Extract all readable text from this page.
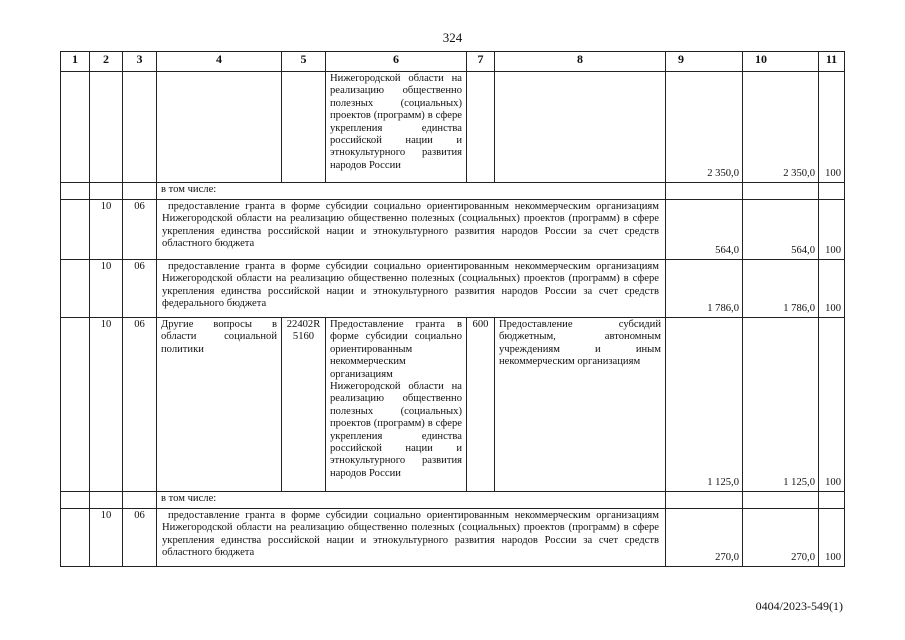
324
1	2	3	4	5	6	7	8	9	10	11
					Нижегородской области на реализацию общественно полезных (социальных) проектов (программ) в сфере укрепления единства российской нации и этнокультурного развития народов России			2 350,0	2 350,0	100
			в том числе:							
	10	06	предоставление гранта в форме субсидии социально ориентированным некоммерческим организациям Нижегородской области на реализацию общественно полезных (социальных) проектов (программ) в сфере укрепления единства российской нации и этнокультурного развития народов России за счет средств областного бюджета					564,0	564,0	100
	10	06	предоставление гранта в форме субсидии социально ориентированным некоммерческим организациям Нижегородской области на реализацию общественно полезных (социальных) проектов (программ) в сфере укрепления единства российской нации и этнокультурного развития народов России за счет средств федерального бюджета					1 786,0	1 786,0	100
	10	06	Другие вопросы в области социальной политики	22402R 5160	Предоставление гранта в форме субсидии социально ориентированным некоммерческим организациям Нижегородской области на реализацию общественно полезных (социальных) проектов (программ) в сфере укрепления единства российской нации и этнокультурного развития народов России	600	Предоставление субсидий бюджетным, автономным учреждениям и иным некоммерческим организациям	1 125,0	1 125,0	100
			в том числе:							
	10	06	предоставление гранта в форме субсидии социально ориентированным некоммерческим организациям Нижегородской области на реализацию общественно полезных (социальных) проектов (программ) в сфере укрепления единства российской нации и этнокультурного развития народов России за счет средств областного бюджета					270,0	270,0	100
0404/2023-549(1)
